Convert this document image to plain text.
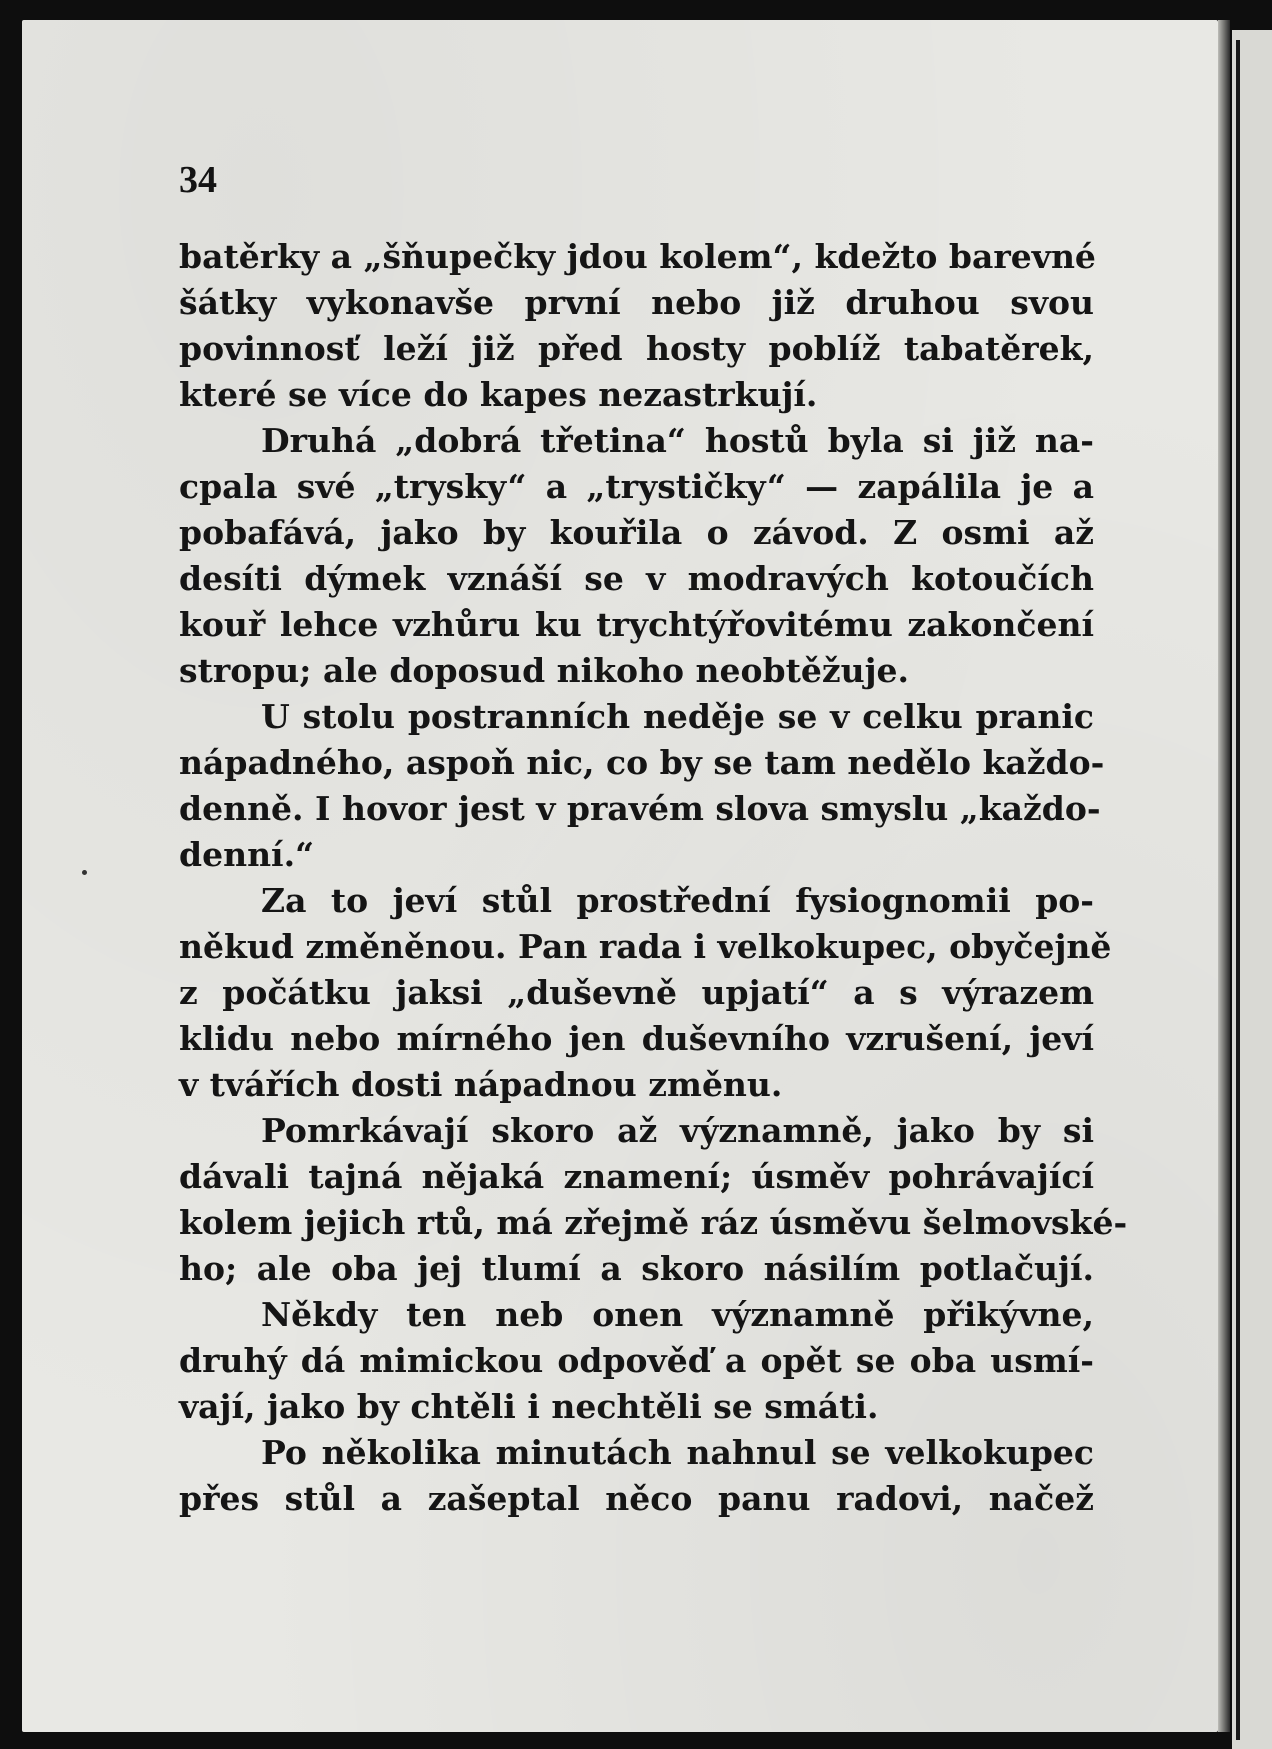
34

batěrky a „šňupečky jdou kolem“, kdežto barevné
šátky vykonavše první nebo již druhou svou
povinnosť leží již před hosty poblíž tabatěrek,
které se více do kapes nezastrkují.
Druhá „dobrá třetina“ hostů byla si již na-
cpala své „trysky“ a „trystičky“ — zapálila je a
pobafává, jako by kouřila o závod. Z osmi až
desíti dýmek vznáší se v modravých kotoučích
kouř lehce vzhůru ku trychtýřovitému zakončení
stropu; ale doposud nikoho neobtěžuje.
U stolu postranních neděje se v celku pranic
nápadného, aspoň nic, co by se tam nedělo každo-
denně. I hovor jest v pravém slova smyslu „každo-
denní.“
Za to jeví stůl prostřední fysiognomii po-
někud změněnou. Pan rada i velkokupec, obyčejně
z počátku jaksi „duševně upjatí“ a s výrazem
klidu nebo mírného jen duševního vzrušení, jeví
v tvářích dosti nápadnou změnu.
Pomrkávají skoro až významně, jako by si
dávali tajná nějaká znamení; úsměv pohrávající
kolem jejich rtů, má zřejmě ráz úsměvu šelmovské-
ho; ale oba jej tlumí a skoro násilím potlačují.
Někdy ten neb onen významně přikývne,
druhý dá mimickou odpověď a opět se oba usmí-
vají, jako by chtěli i nechtěli se smáti.
Po několika minutách nahnul se velkokupec
přes stůl a zašeptal něco panu radovi, načež
